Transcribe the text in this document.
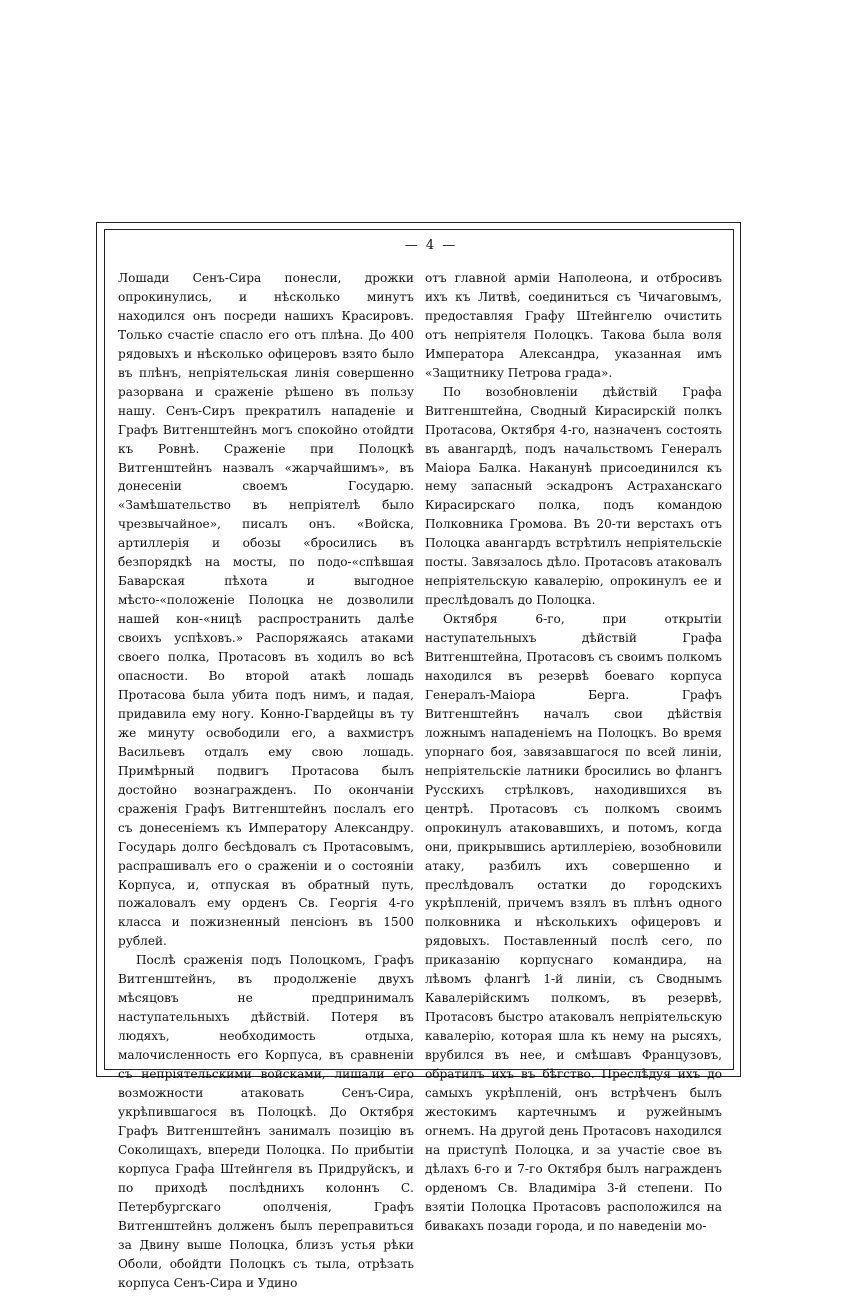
— 4 —

Лошади Сенъ-Сира понесли, дрожки опрокинулись, и нѣсколько минутъ находился онъ посреди нашихъ Красировъ. Только счастіе спасло его отъ плѣна. До 400 рядовыхъ и нѣсколько офицеровъ взято было въ плѣнъ, непріятельская линія совершенно разорвана и сраженіе рѣшено въ пользу нашу. Сенъ-Сиръ прекратилъ нападеніе и Графъ Витгенштейнъ могъ спокойно отойдти къ Ровнѣ. Сраженіе при Полоцкѣ Витгенштейнъ назвалъ «жарчайшимъ», въ донесеніи своемъ Государю. «Замѣшательство въ непріятелѣ было чрезвычайное», писалъ онъ. «Войска, артиллерія и обозы «бросились въ безпорядкѣ на мосты, по подо-«спѣвшая Баварская пѣхота и выгодное мѣсто-«положеніе Полоцка не дозволили нашей кон-«ницѣ распространить далѣе своихъ успѣховъ.» Распоряжаясь атаками своего полка, Протасовъ въ ходилъ во всѣ опасности. Во второй атакѣ лошадь Протасова была убита подъ нимъ, и падая, придавила ему ногу. Конно-Гвардейцы въ ту же минуту освободили его, а вахмистръ Васильевъ отдалъ ему свою лошадь. Примѣрный подвигъ Протасова былъ достойно вознагражденъ. По окончаніи сраженія Графъ Витгенштейнъ послалъ его съ донесеніемъ къ Императору Александру. Государь долго бесѣдовалъ съ Протасовымъ, распрашивалъ его о сраженіи и о состояніи Корпуса, и, отпуская въ обратный путь, пожаловалъ ему орденъ Св. Георгія 4-го класса и пожизненный пенсіонъ въ 1500 рублей.

Послѣ сраженія подъ Полоцкомъ, Графъ Витгенштейнъ, въ продолженіе двухъ мѣсяцовъ не предпринималъ наступательныхъ дѣйствій. Потеря въ людяхъ, необходимость отдыха, малочисленность его Корпуса, въ сравненіи съ непріятельскими войсками, лишали его возможности атаковать Сенъ-Сира, укрѣпившагося въ Полоцкѣ. До Октября Графъ Витгенштейнъ занималъ позицію въ Соколищахъ, впереди Полоцка. По прибытіи корпуса Графа Штейнгеля въ Придруйскъ, и по приходѣ послѣднихъ колоннъ С. Петербургскаго ополченія, Графъ Витгенштейнъ долженъ былъ переправиться за Двину выше Полоцка, близъ устья рѣки Оболи, обойдти Полоцкъ съ тыла, отрѣзать корпуса Сенъ-Сира и Удино

отъ главной арміи Наполеона, и отбросивъ ихъ къ Литвѣ, соединиться съ Чичаговымъ, предоставляя Графу Штейнгелю очистить отъ непріятеля Полоцкъ. Такова была воля Императора Александра, указанная имъ «Защитнику Петрова града».

По возобновленіи дѣйствій Графа Витгенштейна, Сводный Кирасирскій полкъ Протасова, Октября 4-го, назначенъ состоять въ авангардѣ, подъ начальствомъ Генералъ Маіора Балка. Наканунѣ присоединился къ нему запасный эскадронъ Астраханскаго Кирасирскаго полка, подъ командою Полковника Громова. Въ 20-ти верстахъ отъ Полоцка авангардъ встрѣтилъ непріятельскіе посты. Завязалось дѣло. Протасовъ атаковалъ непріятельскую кавалерію, опрокинулъ ее и преслѣдовалъ до Полоцка.

Октября 6-го, при открытіи наступательныхъ дѣйствій Графа Витгенштейна, Протасовъ съ своимъ полкомъ находился въ резервѣ боеваго корпуса Генералъ-Маіора Берга. Графъ Витгенштейнъ началъ свои дѣйствія ложнымъ нападеніемъ на Полоцкъ. Во время упорнаго боя, завязавшагося по всей линіи, непріятельскіе латники бросились во флангъ Русскихъ стрѣлковъ, находившихся въ центрѣ. Протасовъ съ полкомъ своимъ опрокинулъ атаковавшихъ, и потомъ, когда они, прикрывшись артиллеріею, возобновили атаку, разбилъ ихъ совершенно и преслѣдовалъ остатки до городскихъ укрѣпленій, причемъ взялъ въ плѣнъ одного полковника и нѣсколькихъ офицеровъ и рядовыхъ. Поставленный послѣ сего, по приказанію корпуснаго командира, на лѣвомъ флангѣ 1-й линіи, съ Своднымъ Кавалерійскимъ полкомъ, въ резервѣ, Протасовъ быстро атаковалъ непріятельскую кавалерію, которая шла къ нему на рысяхъ, врубился въ нее, и смѣшавъ Французовъ, обратилъ ихъ въ бѣгство. Преслѣдуя ихъ до самыхъ укрѣпленій, онъ встрѣченъ былъ жестокимъ картечнымъ и ружейнымъ огнемъ. На другой день Протасовъ находился на приступѣ Полоцка, и за участіе свое въ дѣлахъ 6-го и 7-го Октября былъ награжденъ орденомъ Св. Владиміра 3-й степени. По взятіи Полоцка Протасовъ расположился на бивакахъ позади города, и по наведеніи мо-
